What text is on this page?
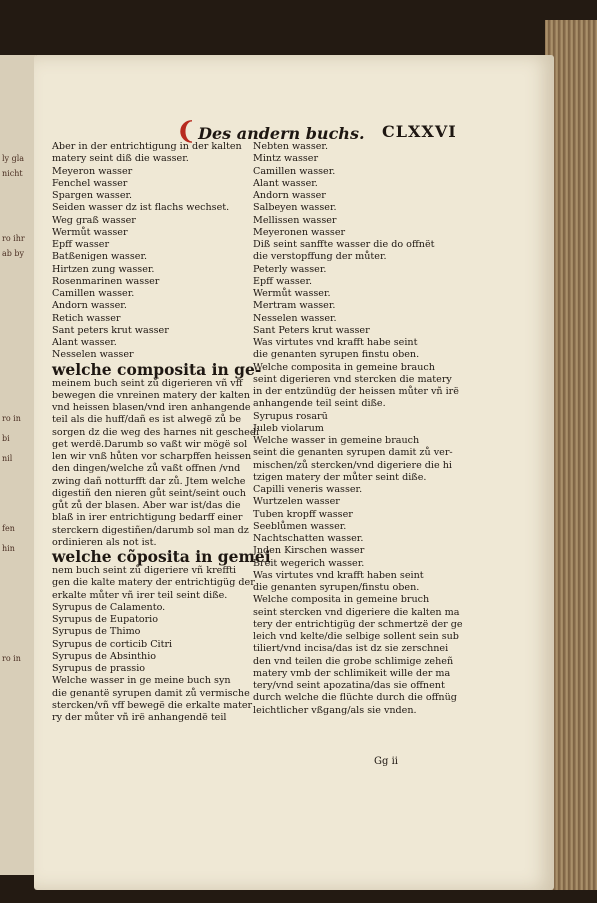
ly gla
nicht
ro ihr
ab by
ro in
bi
nil
fen
hin
ro in
❨ Des andern buchs. CLXXVI
Aber in der entrichtigung in der kalten
matery seint diß die wasser.
Meyeron wasser
Fenchel wasser
Spargen wasser.
Seiden wasser dz ist flachs wechset.
Weg graß wasser
Wermůt wasser
Epff wasser
Batßenigen wasser.
Hirtzen zung wasser.
Rosenmarinen wasser
Camillen wasser.
Andorn wasser.
Retich wasser
Sant peters krut wasser
Alant wasser.
Nesselen wasser
welche composita in ge-
meinem buch seint zů digerieren vñ vff
bewegen die vnreinen matery der kalten
vnd heissen blasen/vnd iren anhangende
teil als die huff/dañ es ist alwegë zů be
sorgen dz die weg des harnes nit geschedi
get werdë.Darumb so vaßt wir mögë sol
len wir vnß hůten vor scharpffen heissen
den dingen/welche zů vaßt offnen /vnd
zwing dañ notturfft dar zů. Jtem welche
digestiñ den nieren gůt seint/seint ouch
gůt zů der blasen. Aber war ist/das die
blaß in irer entrichtigung bedarff einer
sterckern digestiñen/darumb sol man dz
ordinieren als not ist.
welche cõposita in gemei
nem buch seint zů digeriere vñ kreffti
gen die kalte matery der entrichtigüg der
erkalte můter vñ irer teil seint diße.
Syrupus de Calamento.
Syrupus de Eupatorio
Syrupus de Thimo
Syrupus de corticib Citri
Syrupus de Absinthio
Syrupus de prassio
Welche wasser in ge meine buch syn
die genantë syrupen damit zů vermische
stercken/vñ vff bewegë die erkalte mater
ry der můter vñ irë anhangendë teil
Nebten wasser.
Mintz wasser
Camillen wasser.
Alant wasser.
Andorn wasser
Salbeyen wasser.
Mellissen wasser
Meyeronen wasser
Diß seint sanffte wasser die do offnët
die verstopffung der můter.
Peterly wasser.
Epff wasser.
Wermůt wasser.
Mertram wasser.
Nesselen wasser.
Sant Peters krut wasser
Was virtutes vnd krafft habe seint
die genanten syrupen finstu oben.
Welche composita in gemeine brauch
seint digerieren vnd stercken die matery
in der entzündüg der heissen můter vñ irë
anhangende teil seint diße.
Syrupus rosarū
Juleb violarum
Welche wasser in gemeine brauch
seint die genanten syrupen damit zů ver-
mischen/zů stercken/vnd digeriere die hi
tzigen matery der můter seint diße.
Capilli veneris wasser.
Wurtzelen wasser
Tuben kropff wasser
Seeblůmen wasser.
Nachtschatten wasser.
Jnden Kirschen wasser
Breit wegerich wasser.
Was virtutes vnd krafft haben seint
die genanten syrupen/finstu oben.
Welche composita in gemeine bruch
seint stercken vnd digeriere die kalten ma
tery der entrichtigüg der schmertzë der ge
leich vnd kelte/die selbige sollent sein sub
tiliert/vnd incisa/das ist dz sie zerschnei
den vnd teilen die grobe schlimige zeheñ
matery vmb der schlimikeit wille der ma
tery/vnd seint apozatina/das sie offnent
durch welche die flüchte durch die offnüg
leichtlicher vßgang/als sie vnden.
Gg ii
